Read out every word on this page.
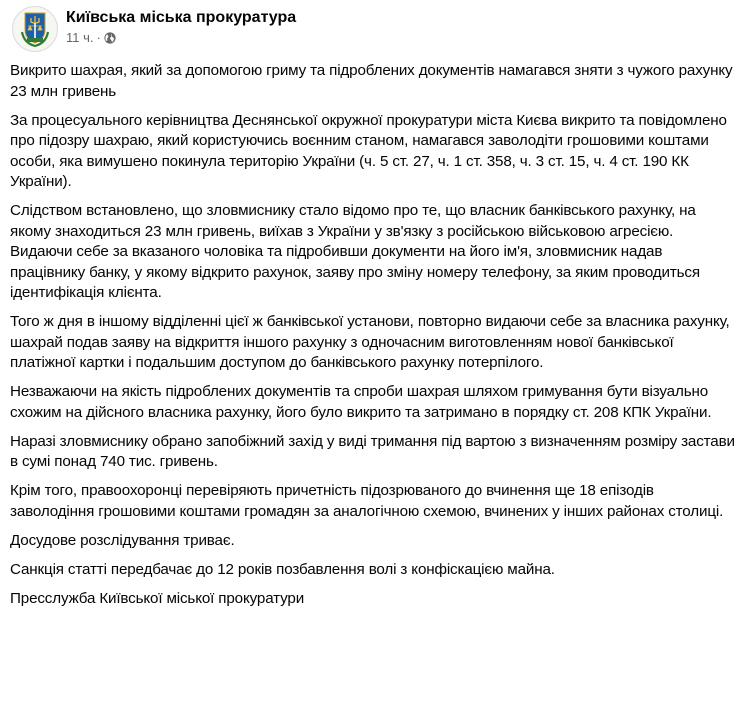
Київська міська прокуратура
11 ч. ·

Викрито шахрая, який за допомогою гриму та підроблених документів намагався зняти з чужого рахунку 23 млн гривень

За процесуального керівництва Деснянської окружної прокуратури міста Києва викрито та повідомлено про підозру шахраю, який користуючись воєнним станом, намагався заволодіти грошовими коштами особи, яка вимушено покинула територію України (ч. 5 ст. 27, ч. 1 ст. 358, ч. 3 ст. 15, ч. 4 ст. 190 КК України).

Слідством встановлено, що зловмиснику стало відомо про те, що власник банківського рахунку, на якому знаходиться 23 млн гривень, виїхав з України у зв'язку з російською військовою агресією. Видаючи себе за вказаного чоловіка та підробивши документи на його ім'я, зловмисник надав працівнику банку, у якому відкрито рахунок, заяву про зміну номеру телефону, за яким проводиться ідентифікація клієнта.

Того ж дня в іншому відділенні цієї ж банківської установи, повторно видаючи себе за власника рахунку, шахрай подав заяву на відкриття іншого рахунку з одночасним виготовленням нової банківської платіжної картки і подальшим доступом до банківського рахунку потерпілого.

Незважаючи на якість підроблених документів та спроби шахрая шляхом гримування бути візуально схожим на дійсного власника рахунку, його було викрито та затримано в порядку ст. 208 КПК України.

Наразі зловмиснику обрано запобіжний захід у виді тримання під вартою з визначенням розміру застави в сумі понад 740 тис. гривень.

Крім того, правоохоронці перевіряють причетність підозрюваного до вчинення ще 18 епізодів заволодіння грошовими коштами громадян за аналогічною схемою, вчинених у інших районах столиці.

Досудове розслідування триває.

Санкція статті передбачає до 12 років позбавлення волі з конфіскацією майна.

Пресслужба Київської міської прокуратури
